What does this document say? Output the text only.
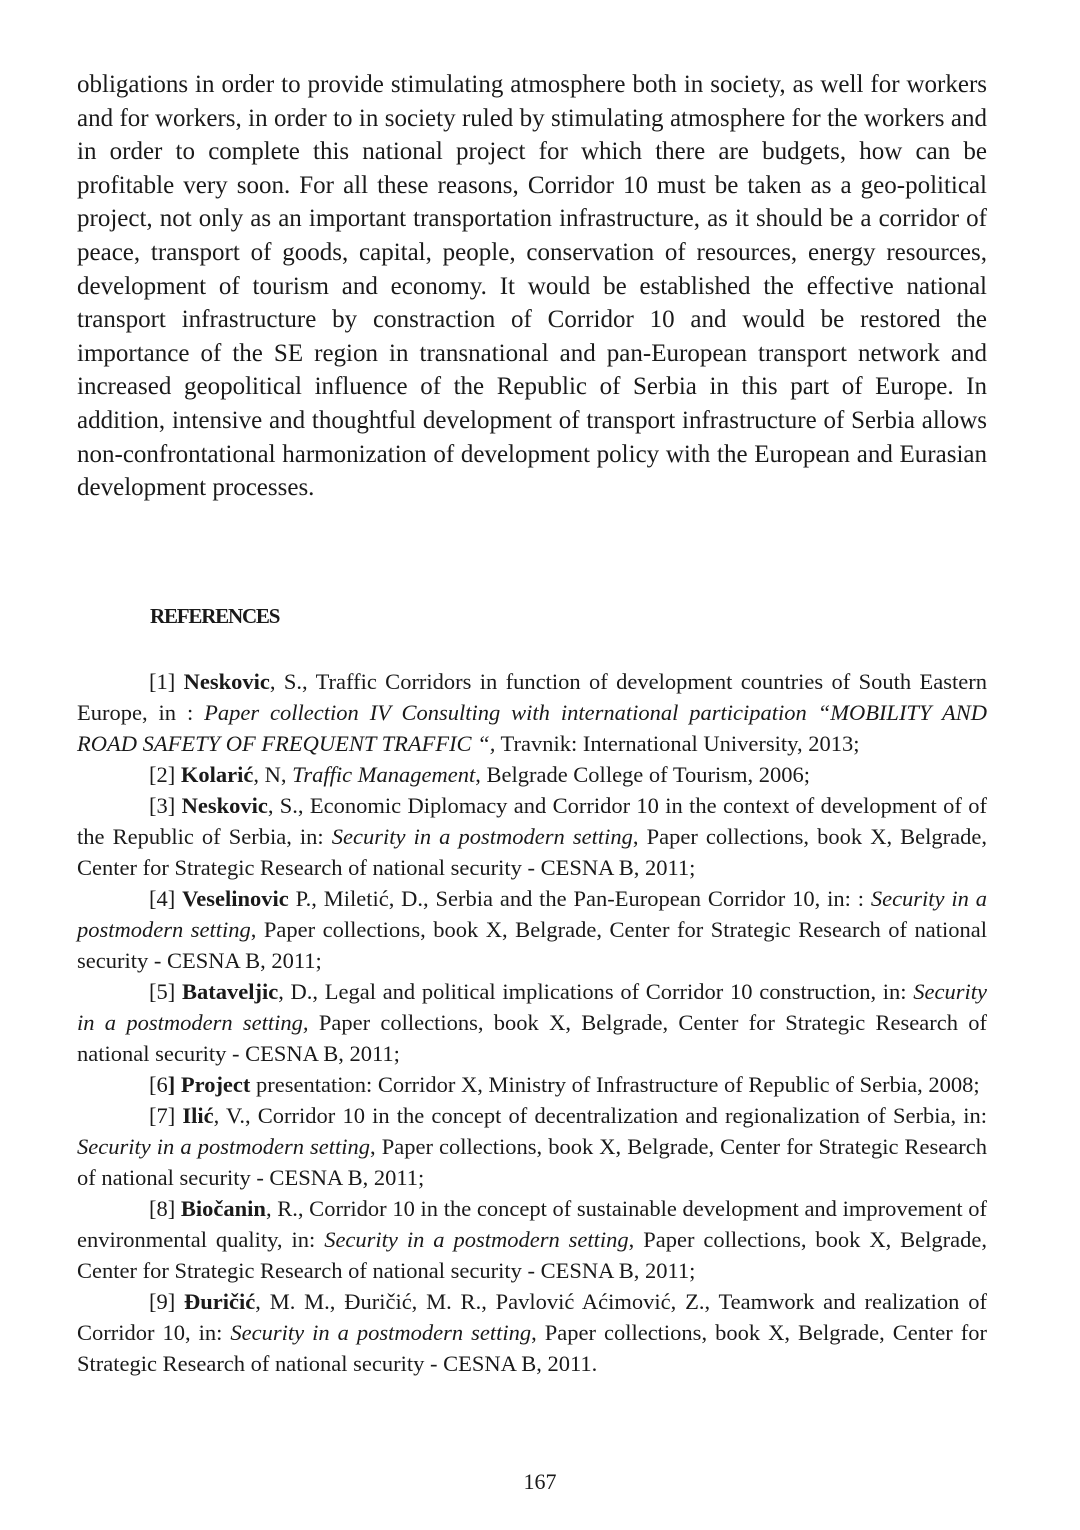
obligations in order to provide stimulating atmosphere both in society, as well for workers and for workers, in order to in society ruled by stimulating atmosphere for the workers and in order to complete this national project for which there are budgets, how can be profitable very soon. For all these reasons, Corridor 10 must be taken as a geo-political project, not only as an important transportation infrastructure, as it should be a corridor of peace, transport of goods, capital, people, conservation of resources, energy resources, development of tourism and economy. It would be established the effective national transport infrastructure by constraction of Corridor 10 and would be restored the importance of the SE region in transnational and pan-European transport network and increased geopolitical influence of the Republic of Serbia in this part of Europe. In addition, intensive and thoughtful development of transport infrastructure of Serbia allows non-confrontational harmonization of development policy with the European and Eurasian development processes.

REFERENCES

[1] Neskovic, S., Traffic Corridors in function of development countries of South Eastern Europe, in : Paper collection IV Consulting with international participation “MOBILITY AND ROAD SAFETY OF FREQUENT TRAFFIC “, Travnik: International University, 2013;

[2] Kolarić, N, Traffic Management, Belgrade College of Tourism, 2006;

[3] Neskovic, S., Economic Diplomacy and Corridor 10 in the context of development of of the Republic of Serbia, in: Security in a postmodern setting, Paper collections, book X, Belgrade, Center for Strategic Research of national security - CESNA B, 2011;

[4] Veselinovic P., Miletić, D., Serbia and the Pan-European Corridor 10, in: : Security in a postmodern setting, Paper collections, book X, Belgrade, Center for Strategic Research of national security - CESNA B, 2011;

[5] Bataveljic, D., Legal and political implications of Corridor 10 construction, in: Security in a postmodern setting, Paper collections, book X, Belgrade, Center for Strategic Research of national security - CESNA B, 2011;

[6] Project presentation: Corridor X, Ministry of Infrastructure of Republic of Serbia, 2008;

[7] Ilić, V., Corridor 10 in the concept of decentralization and regionalization of Serbia, in: Security in a postmodern setting, Paper collections, book X, Belgrade, Center for Strategic Research of national security - CESNA B, 2011;

[8] Biočanin, R., Corridor 10 in the concept of sustainable development and improvement of environmental quality, in: Security in a postmodern setting, Paper collections, book X, Belgrade, Center for Strategic Research of national security - CESNA B, 2011;

[9] Đuričić, M. M., Đuričić, M. R., Pavlović Aćimović, Z., Teamwork and realization of Corridor 10, in: Security in a postmodern setting, Paper collections, book X, Belgrade, Center for Strategic Research of national security - CESNA B, 2011.

167
